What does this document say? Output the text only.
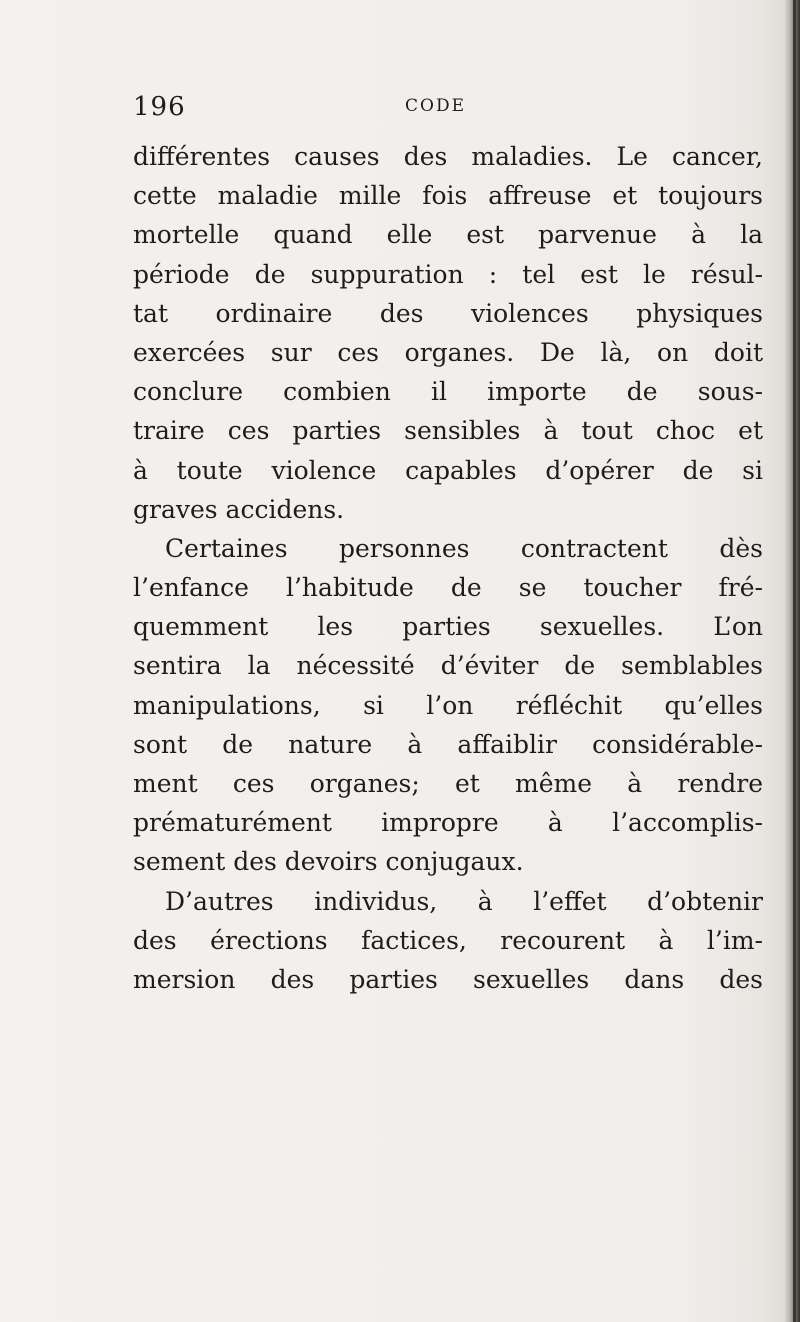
196	CODE
différentes causes des maladies. Le cancer,
cette maladie mille fois affreuse et toujours
mortelle quand elle est parvenue à la
période de suppuration : tel est le résul-
tat ordinaire des violences physiques
exercées sur ces organes. De là, on doit
conclure combien il importe de sous-
traire ces parties sensibles à tout choc et
à toute violence capables d’opérer de si
graves accidens.
Certaines personnes contractent dès
l’enfance l’habitude de se toucher fré-
quemment les parties sexuelles. L’on
sentira la nécessité d’éviter de semblables
manipulations, si l’on réfléchit qu’elles
sont de nature à affaiblir considérable-
ment ces organes; et même à rendre
prématurément impropre à l’accomplis-
sement des devoirs conjugaux.
D’autres individus, à l’effet d’obtenir
des érections factices, recourent à l’im-
mersion des parties sexuelles dans des
